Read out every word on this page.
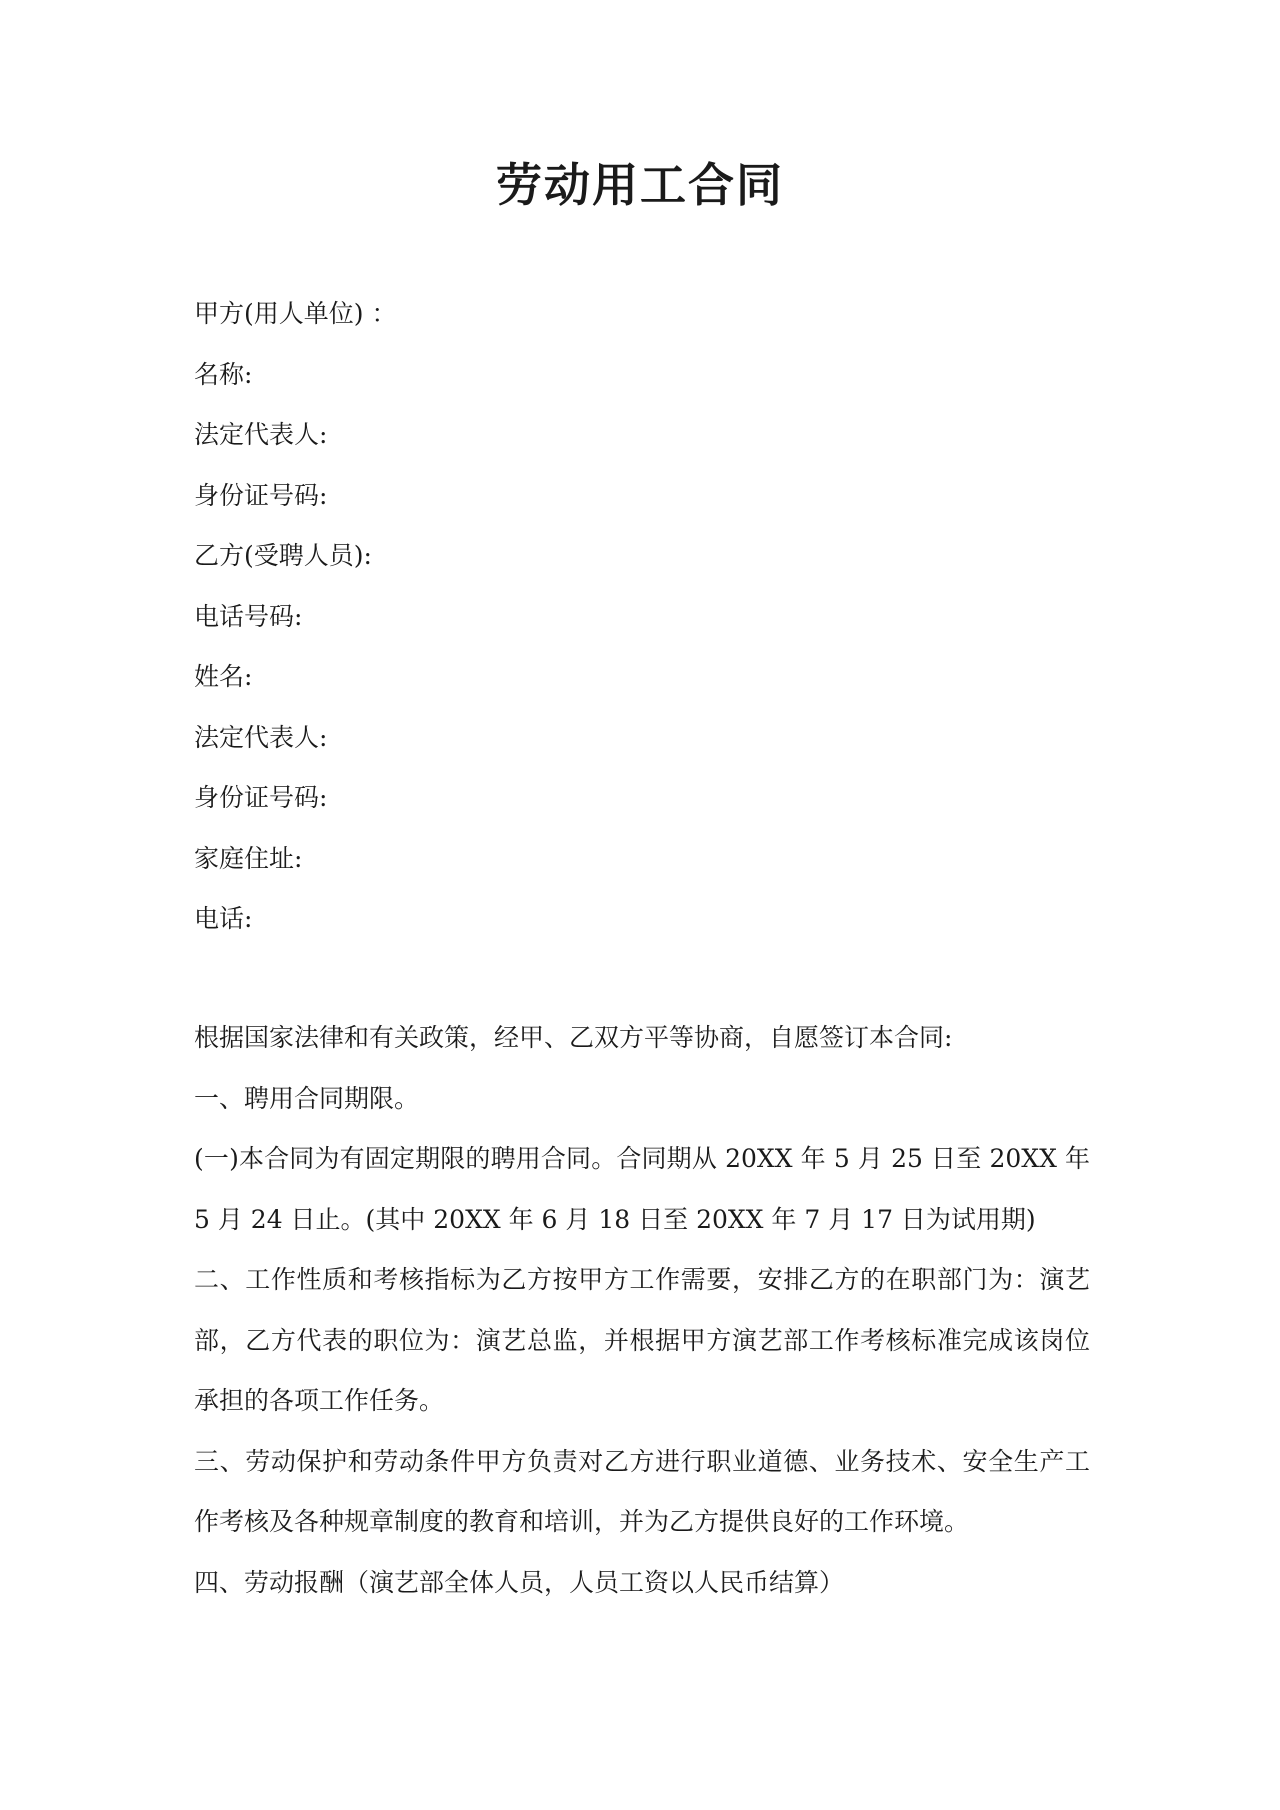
劳动用工合同
甲方(用人单位) ：
名称:
法定代表人:
身份证号码:
乙方(受聘人员):
电话号码:
姓名:
法定代表人:
身份证号码:
家庭住址:
电话:

根据国家法律和有关政策，经甲、乙双方平等协商，自愿签订本合同:

一、聘用合同期限。

(一)本合同为有固定期限的聘用合同。合同期从 20XX 年 5 月 25 日至 20XX 年 5 月 24 日止。(其中 20XX 年 6 月 18 日至 20XX 年 7 月 17 日为试用期)

二、工作性质和考核指标为乙方按甲方工作需要，安排乙方的在职部门为：演艺部，乙方代表的职位为：演艺总监，并根据甲方演艺部工作考核标准完成该岗位承担的各项工作任务。

三、劳动保护和劳动条件甲方负责对乙方进行职业道德、业务技术、安全生产工作考核及各种规章制度的教育和培训，并为乙方提供良好的工作环境。

四、劳动报酬（演艺部全体人员，人员工资以人民币结算）
